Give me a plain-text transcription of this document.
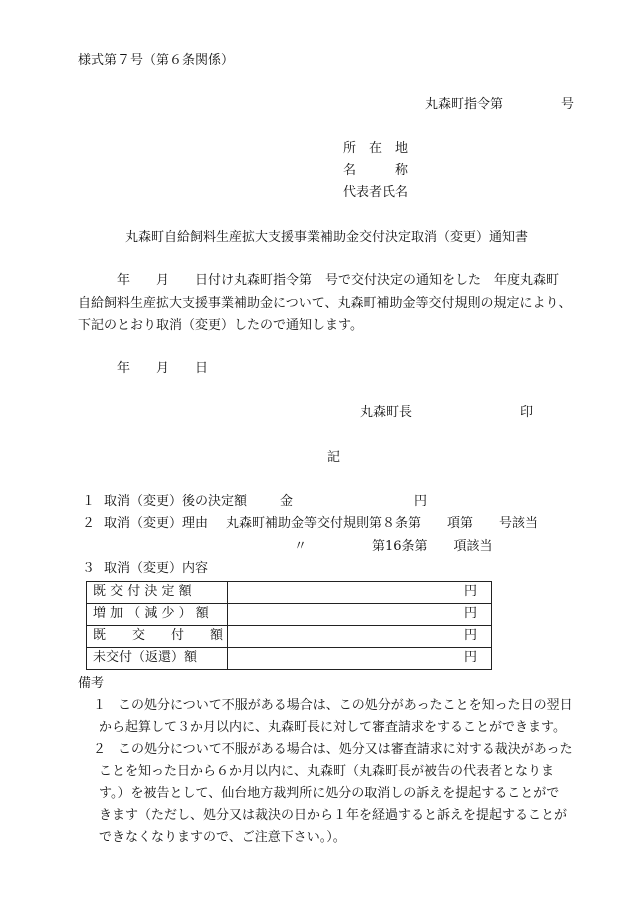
様式第７号（第６条関係）
丸森町指令第	号
所　在　地
名　　　称
代表者氏名
丸森町自給飼料生産拡大支援事業補助金交付決定取消（変更）通知書
　　　年　　月　　日付け丸森町指令第　号で交付決定の通知をした　年度丸森町
自給飼料生産拡大支援事業補助金について、丸森町補助金等交付規則の規定により、
下記のとおり取消（変更）したので通知します。
　　　年　　月　　日
丸森町長	印
記
１ 取消（変更）後の決定額	金	円
２ 取消（変更）理由 丸森町補助金等交付規則第８条第　　項第　　号該当
〃	第16条第　　項該当
３ 取消（変更）内容
既 交 付 決 定 額	円
増 加 （ 減 少 ） 額	円
既　　交　　付　　額	円
未交付（返還）額	円
備考
１ この処分について不服がある場合は、この処分があったことを知った日の翌日
から起算して３か月以内に、丸森町長に対して審査請求をすることができます。
２ この処分について不服がある場合は、処分又は審査請求に対する裁決があった
ことを知った日から６か月以内に、丸森町（丸森町長が被告の代表者となりま
す。）を被告として、仙台地方裁判所に処分の取消しの訴えを提起することがで
きます（ただし、処分又は裁決の日から１年を経過すると訴えを提起することが
できなくなりますので、ご注意下さい。）。
